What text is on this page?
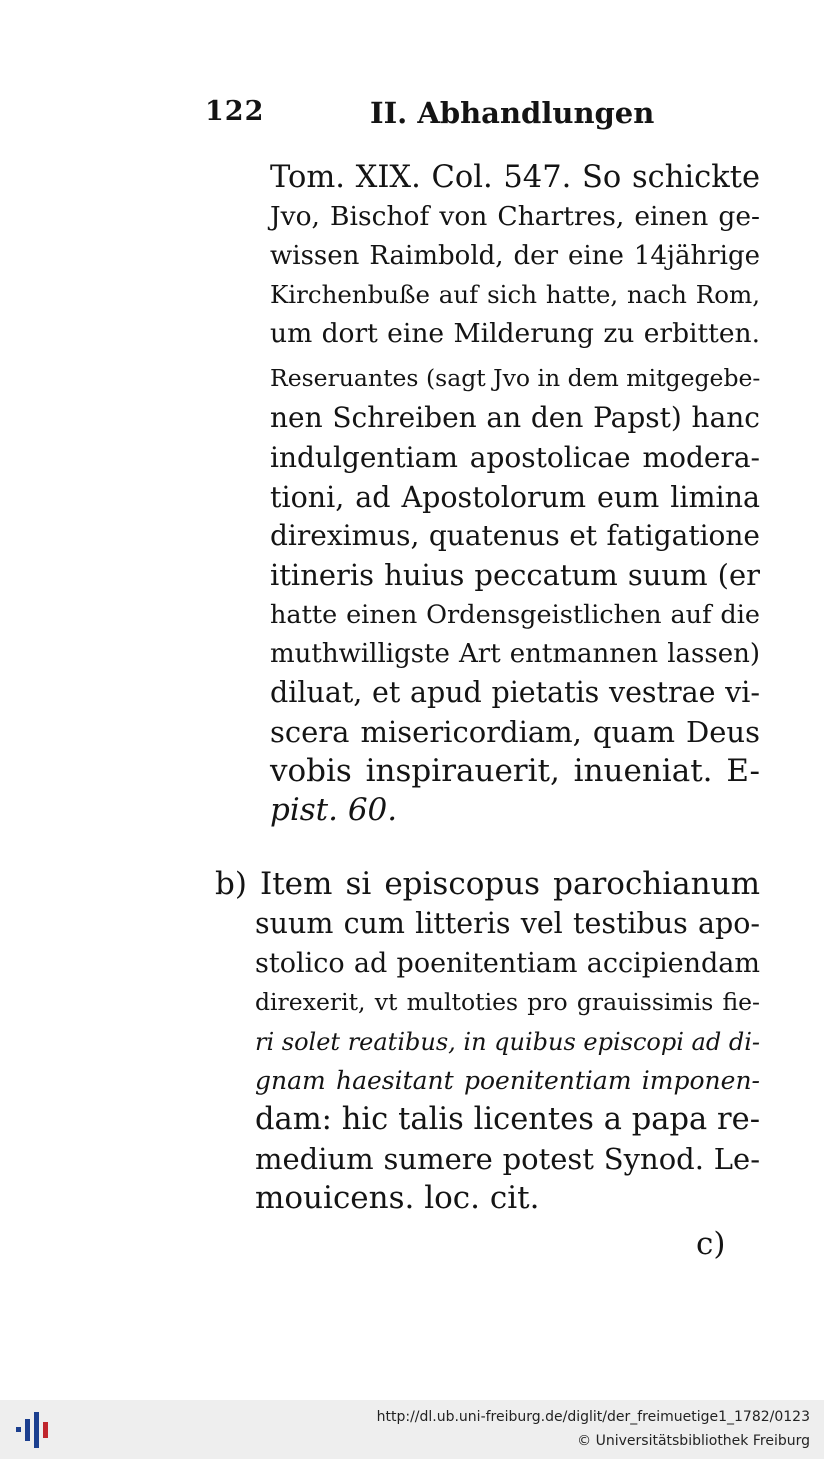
122	II. Abhandlungen
Tom. XIX. Col. 547. So schickte
Jvo, Bischof von Chartres, einen ge-
wissen Raimbold, der eine 14jährige
Kirchenbuße auf sich hatte, nach Rom,
um dort eine Milderung zu erbitten.
Reseruantes (sagt Jvo in dem mitgegebe-
nen Schreiben an den Papst) hanc
indulgentiam apostolicae modera-
tioni, ad Apostolorum eum limina
direximus, quatenus et fatigatione
itineris huius peccatum suum (er
hatte einen Ordensgeistlichen auf die
muthwilligste Art entmannen lassen)
diluat, et apud pietatis vestrae vi-
scera misericordiam, quam Deus
vobis inspirauerit, inueniat. E-
pist. 60.
b) Item si episcopus parochianum
suum cum litteris vel testibus apo-
stolico ad poenitentiam accipiendam
direxerit, vt multoties pro grauissimis fie-
ri solet reatibus, in quibus episcopi ad di-
gnam haesitant poenitentiam imponen-
dam: hic talis licentes a papa re-
medium sumere potest Synod. Le-
mouicens. loc. cit.
c)
http://dl.ub.uni-freiburg.de/diglit/der_freimuetige1_1782/0123
© Universitätsbibliothek Freiburg
